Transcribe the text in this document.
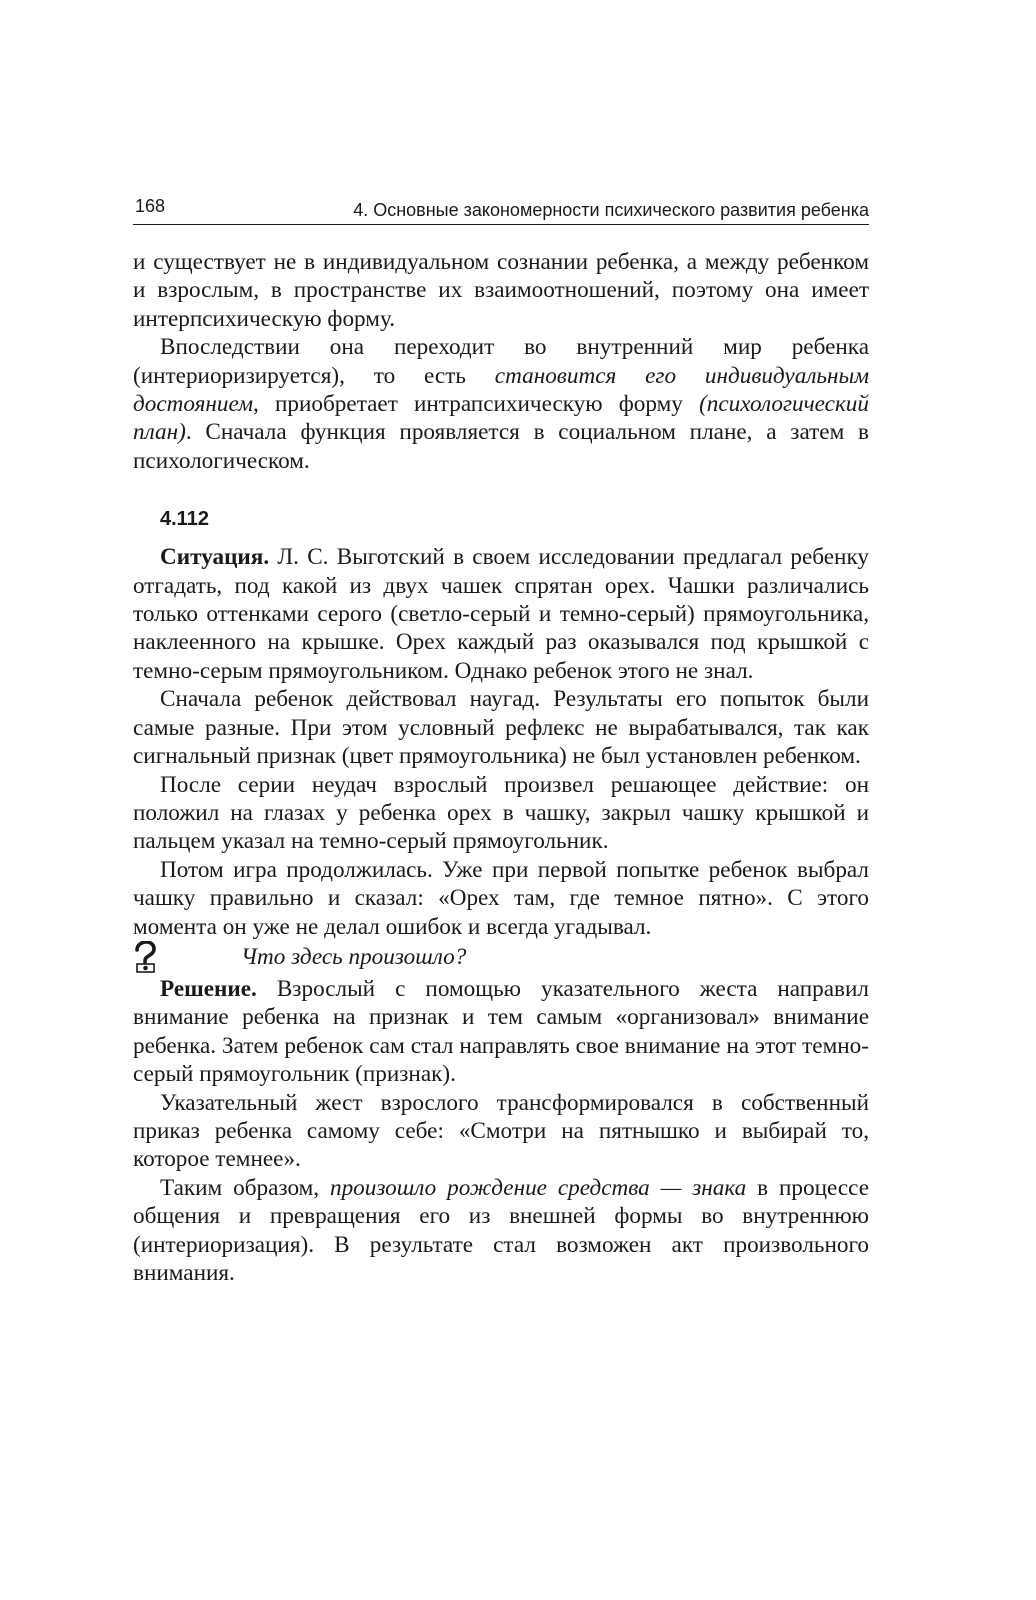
168	4. Основные закономерности психического развития ребенка

и существует не в индивидуальном сознании ребенка, а между ребенком и взрослым, в пространстве их взаимоотношений, поэтому она имеет интерпсихическую форму.

Впоследствии она переходит во внутренний мир ребенка (интериоризируется), то есть становится его индивидуальным достоянием, приобретает интрапсихическую форму (психологический план). Сначала функция проявляется в социальном плане, а затем в психологическом.

4.112

Ситуация. Л. С. Выготский в своем исследовании предлагал ребенку отгадать, под какой из двух чашек спрятан орех. Чашки различались только оттенками серого (светло-серый и темно-серый) прямоугольника, наклеенного на крышке. Орех каждый раз оказывался под крышкой с темно-серым прямоугольником. Однако ребенок этого не знал.

Сначала ребенок действовал наугад. Результаты его попыток были самые разные. При этом условный рефлекс не вырабатывался, так как сигнальный признак (цвет прямоугольника) не был установлен ребенком.

После серии неудач взрослый произвел решающее действие: он положил на глазах у ребенка орех в чашку, закрыл чашку крышкой и пальцем указал на темно-серый прямоугольник.

Потом игра продолжилась. Уже при первой попытке ребенок выбрал чашку правильно и сказал: «Орех там, где темное пятно». С этого момента он уже не делал ошибок и всегда угадывал.

Что здесь произошло?

Решение. Взрослый с помощью указательного жеста направил внимание ребенка на признак и тем самым «организовал» внимание ребенка. Затем ребенок сам стал направлять свое внимание на этот темно-серый прямоугольник (признак).

Указательный жест взрослого трансформировался в собственный приказ ребенка самому себе: «Смотри на пятнышко и выбирай то, которое темнее».

Таким образом, произошло рождение средства — знака в процессе общения и превращения его из внешней формы во внутреннюю (интериоризация). В результате стал возможен акт произвольного внимания.
